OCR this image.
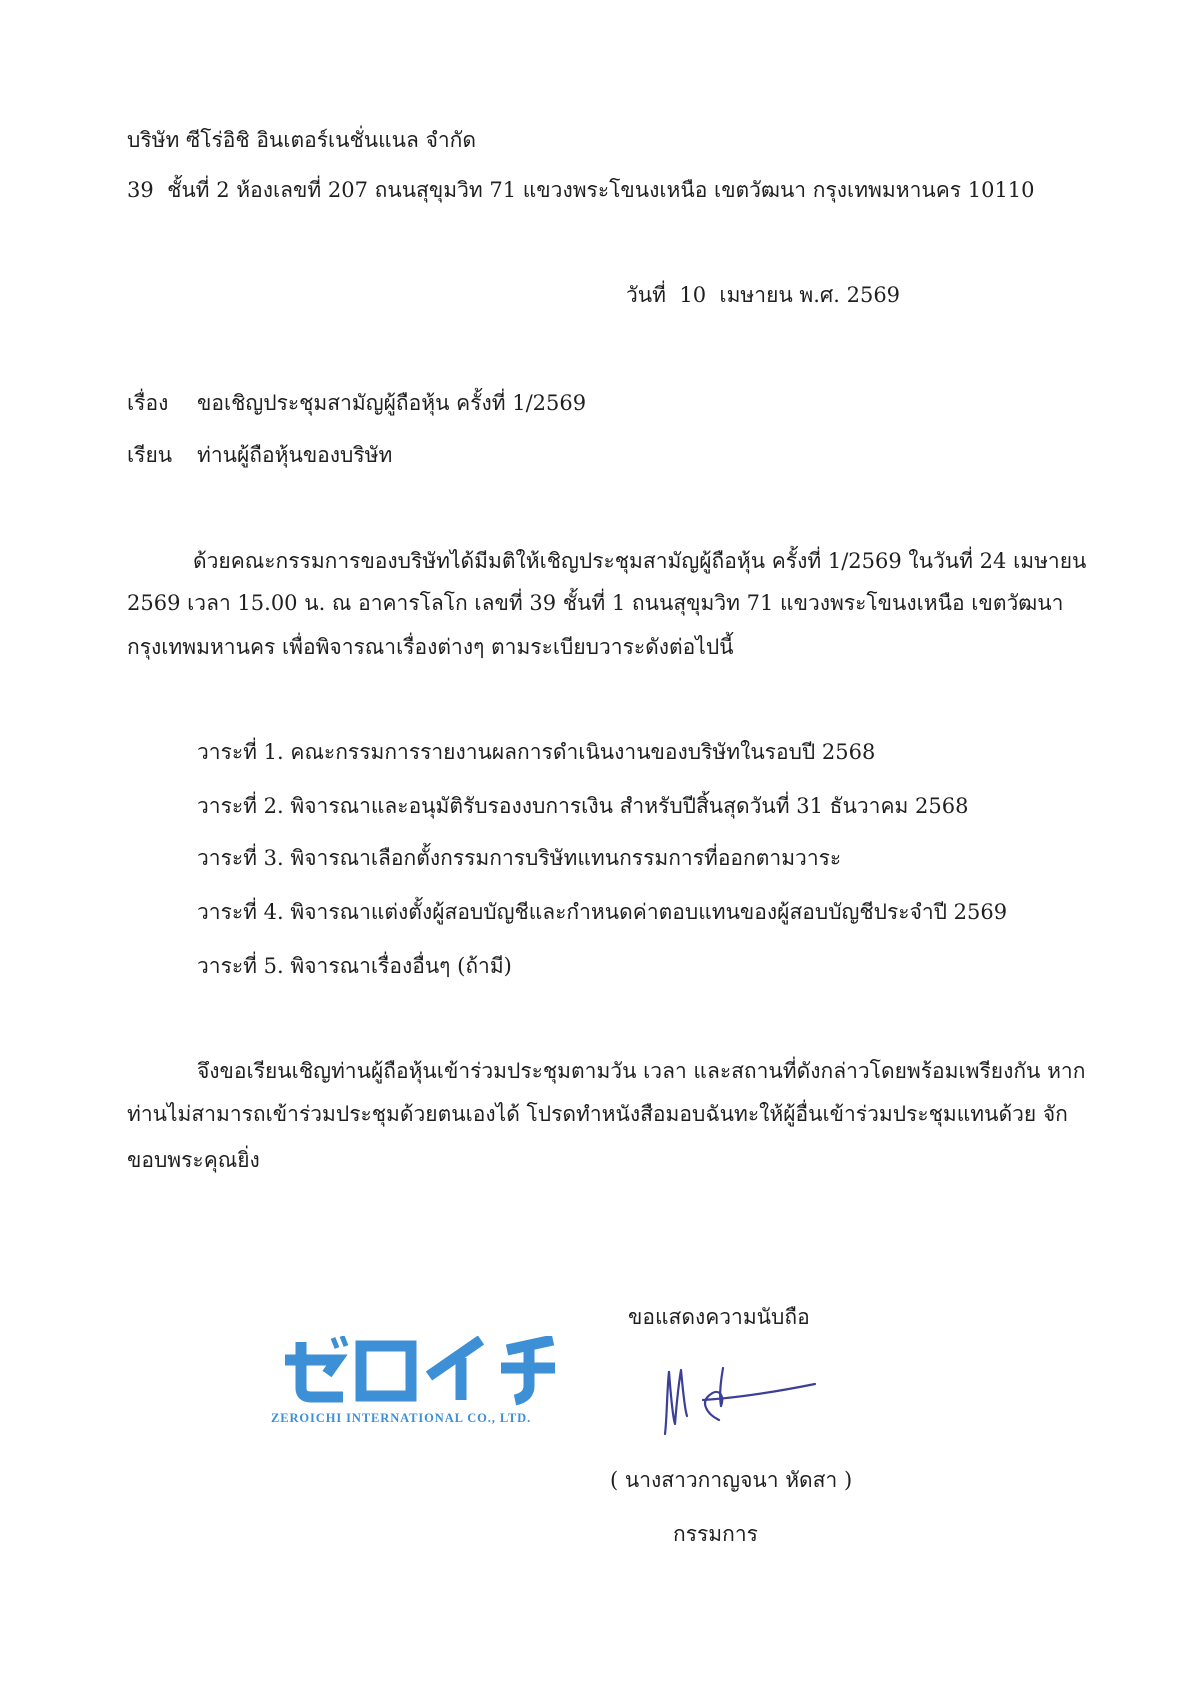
บริษัท ซีโร่อิชิ อินเตอร์เนชั่นแนล จำกัด
39  ชั้นที่ 2 ห้องเลขที่ 207 ถนนสุขุมวิท 71 แขวงพระโขนงเหนือ เขตวัฒนา กรุงเทพมหานคร 10110
วันที่  10  เมษายน พ.ศ. 2569
เรื่อง ขอเชิญประชุมสามัญผู้ถือหุ้น ครั้งที่ 1/2569
เรียน ท่านผู้ถือหุ้นของบริษัท
ด้วยคณะกรรมการของบริษัทได้มีมติให้เชิญประชุมสามัญผู้ถือหุ้น ครั้งที่ 1/2569 ในวันที่ 24 เมษายน
2569 เวลา 15.00 น. ณ อาคารโลโก เลขที่ 39 ชั้นที่ 1 ถนนสุขุมวิท 71 แขวงพระโขนงเหนือ เขตวัฒนา
กรุงเทพมหานคร เพื่อพิจารณาเรื่องต่างๆ ตามระเบียบวาระดังต่อไปนี้
วาระที่ 1. คณะกรรมการรายงานผลการดำเนินงานของบริษัทในรอบปี 2568
วาระที่ 2. พิจารณาและอนุมัติรับรองงบการเงิน สำหรับปีสิ้นสุดวันที่ 31 ธันวาคม 2568
วาระที่ 3. พิจารณาเลือกตั้งกรรมการบริษัทแทนกรรมการที่ออกตามวาระ
วาระที่ 4. พิจารณาแต่งตั้งผู้สอบบัญชีและกำหนดค่าตอบแทนของผู้สอบบัญชีประจำปี 2569
วาระที่ 5. พิจารณาเรื่องอื่นๆ (ถ้ามี)
จึงขอเรียนเชิญท่านผู้ถือหุ้นเข้าร่วมประชุมตามวัน เวลา และสถานที่ดังกล่าวโดยพร้อมเพรียงกัน หาก
ท่านไม่สามารถเข้าร่วมประชุมด้วยตนเองได้ โปรดทำหนังสือมอบฉันทะให้ผู้อื่นเข้าร่วมประชุมแทนด้วย จัก
ขอบพระคุณยิ่ง
ขอแสดงความนับถือ
ZEROICHI INTERNATIONAL CO., LTD.
( นางสาวกาญจนา หัดสา )
กรรมการ
